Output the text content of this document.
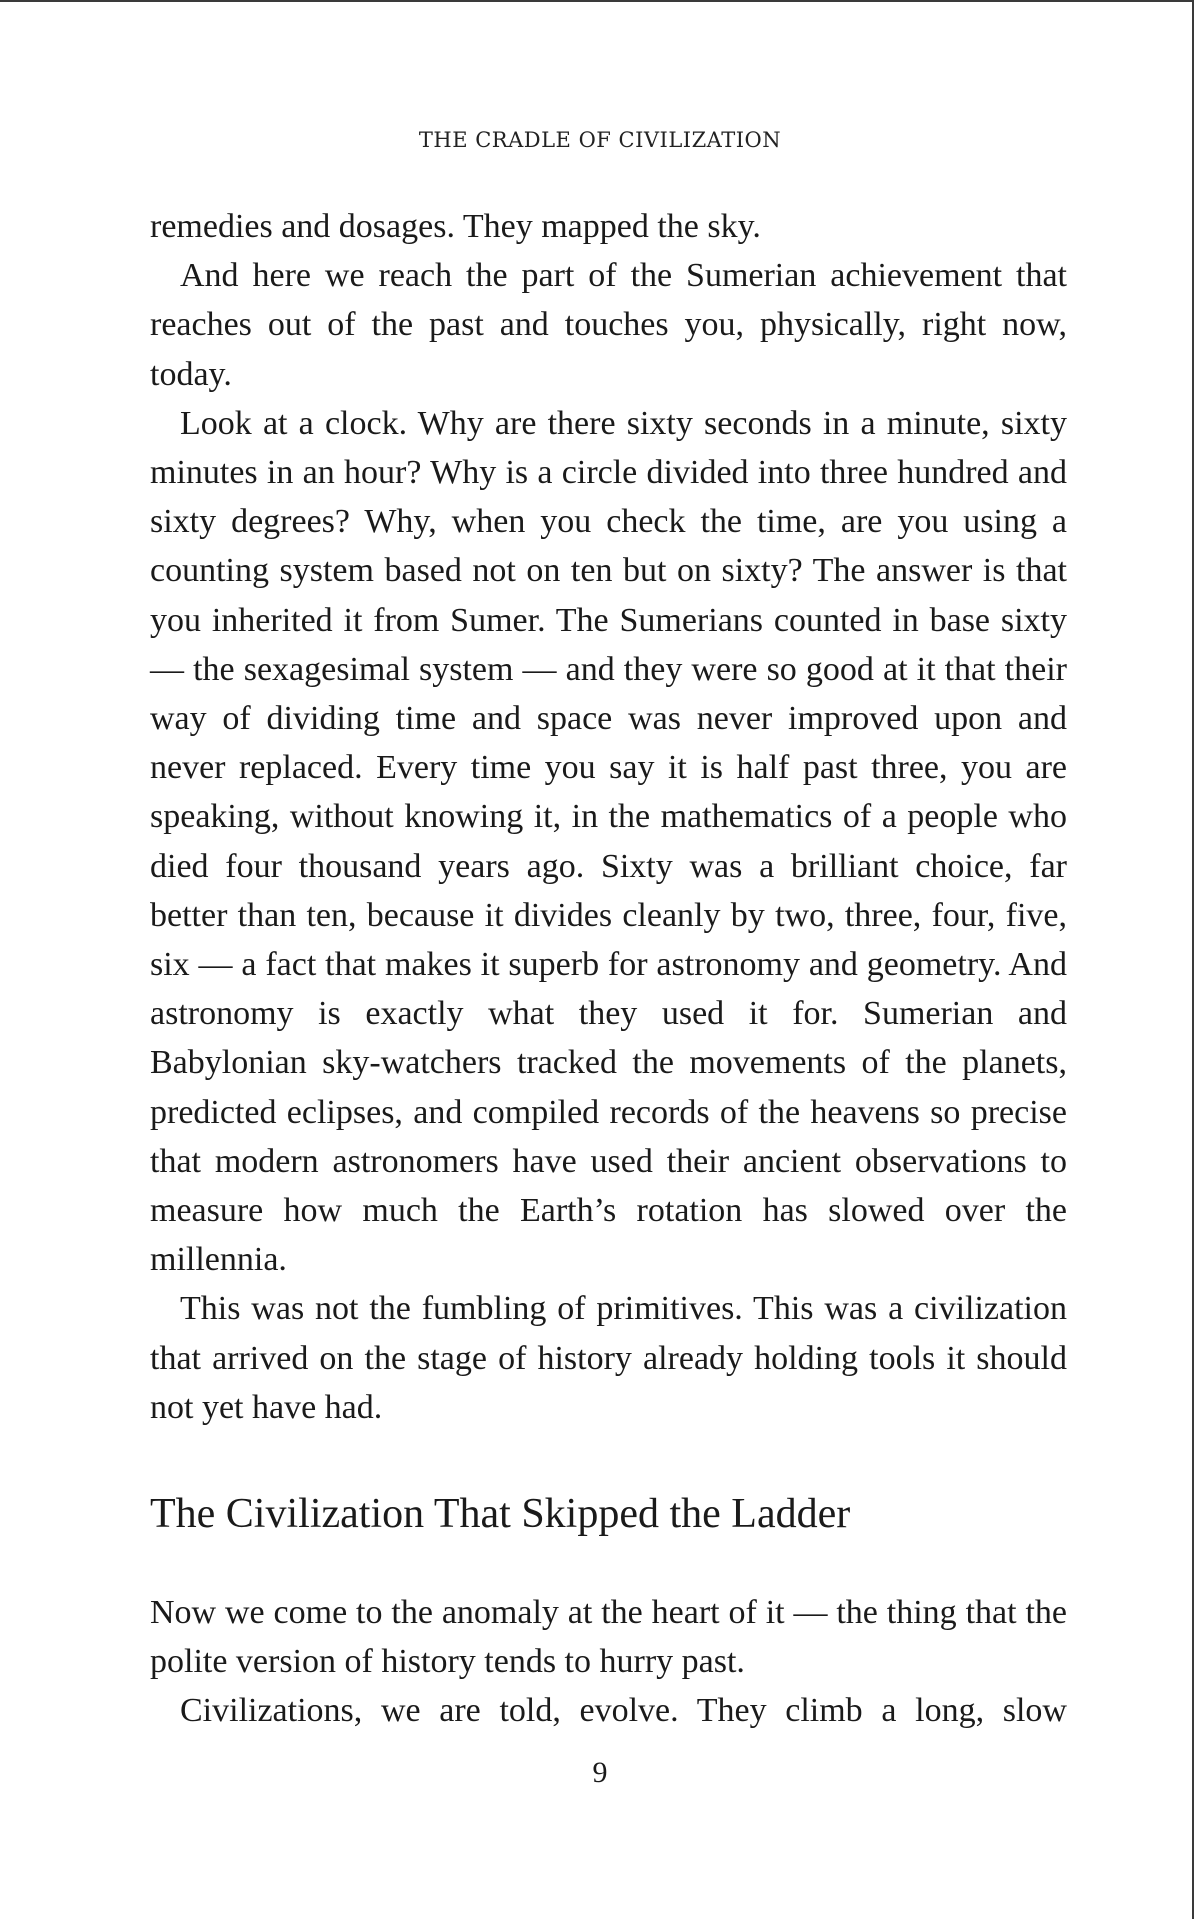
THE CRADLE OF CIVILIZATION

remedies and dosages. They mapped the sky.

And here we reach the part of the Sumerian achievement that reaches out of the past and touches you, physically, right now, today.

Look at a clock. Why are there sixty seconds in a minute, sixty minutes in an hour? Why is a circle divided into three hundred and sixty degrees? Why, when you check the time, are you using a counting system based not on ten but on sixty? The answer is that you inherited it from Sumer. The Sumerians counted in base sixty — the sexagesimal system — and they were so good at it that their way of dividing time and space was never improved upon and never replaced. Every time you say it is half past three, you are speaking, without knowing it, in the mathematics of a people who died four thousand years ago. Sixty was a brilliant choice, far better than ten, because it divides cleanly by two, three, four, five, six — a fact that makes it superb for astronomy and geometry. And astronomy is exactly what they used it for. Sumerian and Babylonian sky-watchers tracked the movements of the planets, predicted eclipses, and compiled records of the heavens so precise that modern astronomers have used their ancient observations to measure how much the Earth’s rotation has slowed over the millennia.

This was not the fumbling of primitives. This was a civilization that arrived on the stage of history already holding tools it should not yet have had.

The Civilization That Skipped the Ladder

Now we come to the anomaly at the heart of it — the thing that the polite version of history tends to hurry past.

Civilizations, we are told, evolve. They climb a long, slow

9
